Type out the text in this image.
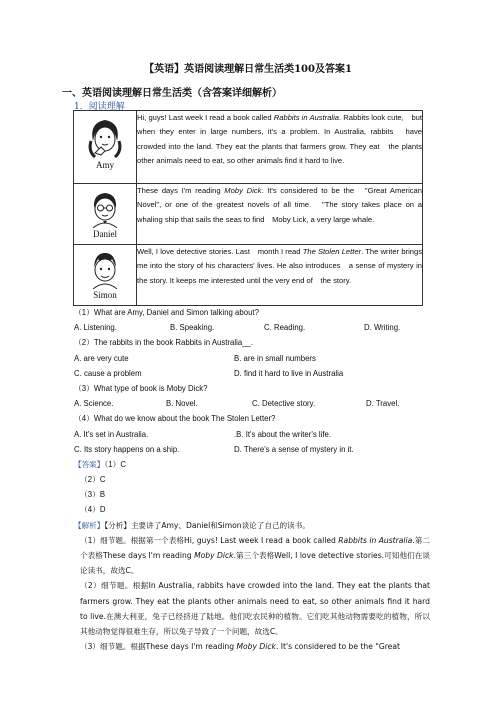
【英语】英语阅读理解日常生活类100及答案1
一、英语阅读理解日常生活类（含答案详细解析）
1．阅读理解
Amy	Hi, guys! Last week I read a book called Rabbits in Australia. Rabbits look cute,　but when they enter in large numbers, it's a problem. In Australia, rabbits　have crowded into the land. They eat the plants that farmers grow. They eat　the plants other animals need to eat, so other animals find it hard to live.

Daniel	These days I'm reading Moby Dick. It's considered to be the　"Great American Novel", or one of the greatest novels of all time.　"The story takes place on a whaling ship that sails the seas to find　Moby Lick, a very large whale.

Simon	Well, I love detective stories. Last　month I read The Stolen Letter. The writer brings me into the story of his characters' lives. He also introduces　a sense of mystery in the story. It keeps me interested until the very end of　the story.
（1）What are Amy, Daniel and Simon talking about?
A. Listening.	B. Speaking.	C. Reading.	D. Writing.
（2）The rabbits in the book Rabbits in Australia__.
A. are very cute	B. are in small numbers
C. cause a problem	D. find it hard to live in Australia
（3）What type of book is Moby Dick?
A. Science.	B. Novel.	C. Detective story.	D. Travel.
（4）What do we know about the book The Stolen Letter?
A. It's set in Australia.	.B. It's about the writer's life.
C. Its story happens on a ship.	D. There's a sense of mystery in it.
【答案】（1）C
（2）C
（3）B
（4）D
【解析】【分析】主要讲了Amy、Daniel和Simon谈论了自己的读书。
（1）细节题。根据第一个表格Hi, guys! Last week I read a book called Rabbits in Australia.第二个表格These days I'm reading Moby Dick.第三个表格Well, I love detective stories.可知他们在谈论读书，故选C。
（2）细节题。根据In Australia, rabbits have crowded into the land. They eat the plants that farmers grow. They eat the plants other animals need to eat, so other animals find it hard to live.在澳大利亚，兔子已经挤进了陆地。他们吃农民种的植物。它们吃其他动物需要吃的植物，所以其他动物觉得很难生存，所以兔子导致了一个问题，故选C。
（3）细节题。根据These days I'm reading Moby Dick. It's considered to be the "Great
